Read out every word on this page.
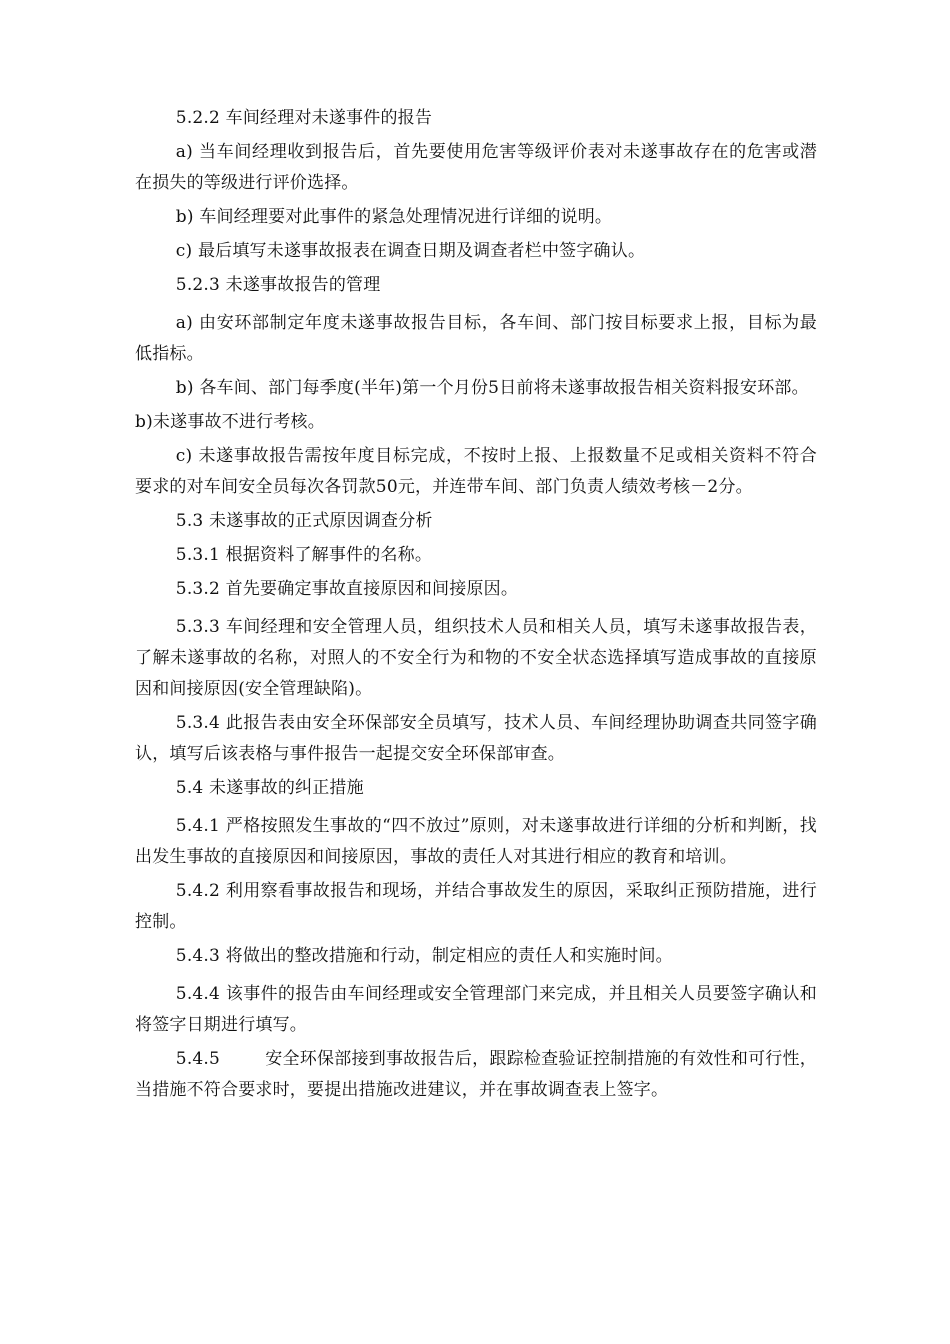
5.2.2 车间经理对未遂事件的报告

a) 当车间经理收到报告后，首先要使用危害等级评价表对未遂事故存在的危害或潜在损失的等级进行评价选择。

b) 车间经理要对此事件的紧急处理情况进行详细的说明。

c) 最后填写未遂事故报表在调查日期及调查者栏中签字确认。

5.2.3 未遂事故报告的管理

a) 由安环部制定年度未遂事故报告目标，各车间、部门按目标要求上报，目标为最低指标。

b) 各车间、部门每季度(半年)第一个月份5日前将未遂事故报告相关资料报安环部。

b)未遂事故不进行考核。

c) 未遂事故报告需按年度目标完成，不按时上报、上报数量不足或相关资料不符合要求的对车间安全员每次各罚款50元，并连带车间、部门负责人绩效考核－2分。

5.3 未遂事故的正式原因调查分析

5.3.1 根据资料了解事件的名称。

5.3.2 首先要确定事故直接原因和间接原因。

5.3.3 车间经理和安全管理人员，组织技术人员和相关人员，填写未遂事故报告表，了解未遂事故的名称，对照人的不安全行为和物的不安全状态选择填写造成事故的直接原因和间接原因(安全管理缺陷)。

5.3.4 此报告表由安全环保部安全员填写，技术人员、车间经理协助调查共同签字确认，填写后该表格与事件报告一起提交安全环保部审查。

5.4 未遂事故的纠正措施

5.4.1 严格按照发生事故的“四不放过”原则，对未遂事故进行详细的分析和判断，找出发生事故的直接原因和间接原因，事故的责任人对其进行相应的教育和培训。

5.4.2 利用察看事故报告和现场，并结合事故发生的原因，采取纠正预防措施，进行控制。

5.4.3 将做出的整改措施和行动，制定相应的责任人和实施时间。

5.4.4 该事件的报告由车间经理或安全管理部门来完成，并且相关人员要签字确认和将签字日期进行填写。

5.4.5        安全环保部接到事故报告后，跟踪检查验证控制措施的有效性和可行性，当措施不符合要求时，要提出措施改进建议，并在事故调查表上签字。
